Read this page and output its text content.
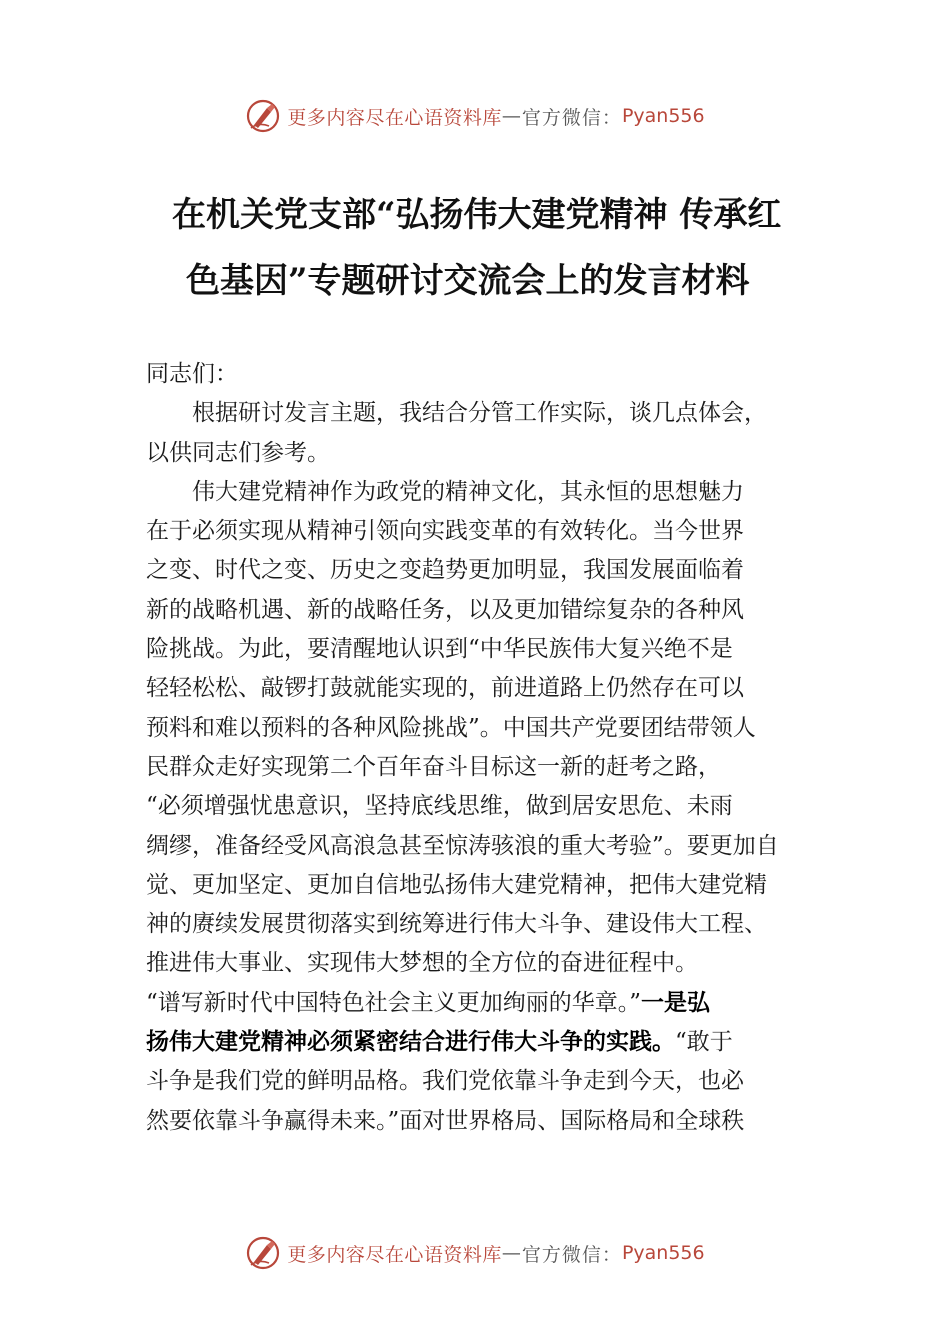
更多内容尽在心语资料库 — 官方微信： Pyan556
在机关党支部“弘扬伟大建党精神 传承红
色基因”专题研讨交流会上的发言材料
同志们：
根据研讨发言主题，我结合分管工作实际，谈几点体会，
以供同志们参考。
伟大建党精神作为政党的精神文化，其永恒的思想魅力
在于必须实现从精神引领向实践变革的有效转化。当今世界
之变、时代之变、历史之变趋势更加明显，我国发展面临着
新的战略机遇、新的战略任务，以及更加错综复杂的各种风
险挑战。为此，要清醒地认识到“中华民族伟大复兴绝不是
轻轻松松、敲锣打鼓就能实现的，前进道路上仍然存在可以
预料和难以预料的各种风险挑战”。中国共产党要团结带领人
民群众走好实现第二个百年奋斗目标这一新的赶考之路，
“必须增强忧患意识，坚持底线思维，做到居安思危、未雨
绸缪，准备经受风高浪急甚至惊涛骇浪的重大考验”。要更加自
觉、更加坚定、更加自信地弘扬伟大建党精神，把伟大建党精
神的赓续发展贯彻落实到统筹进行伟大斗争、建设伟大工程、
推进伟大事业、实现伟大梦想的全方位的奋进征程中。
“谱写新时代中国特色社会主义更加绚丽的华章。”一是弘
扬伟大建党精神必须紧密结合进行伟大斗争的实践。“敢于
斗争是我们党的鲜明品格。我们党依靠斗争走到今天，也必
然要依靠斗争赢得未来。”面对世界格局、国际格局和全球秩
更多内容尽在心语资料库 — 官方微信： Pyan556
